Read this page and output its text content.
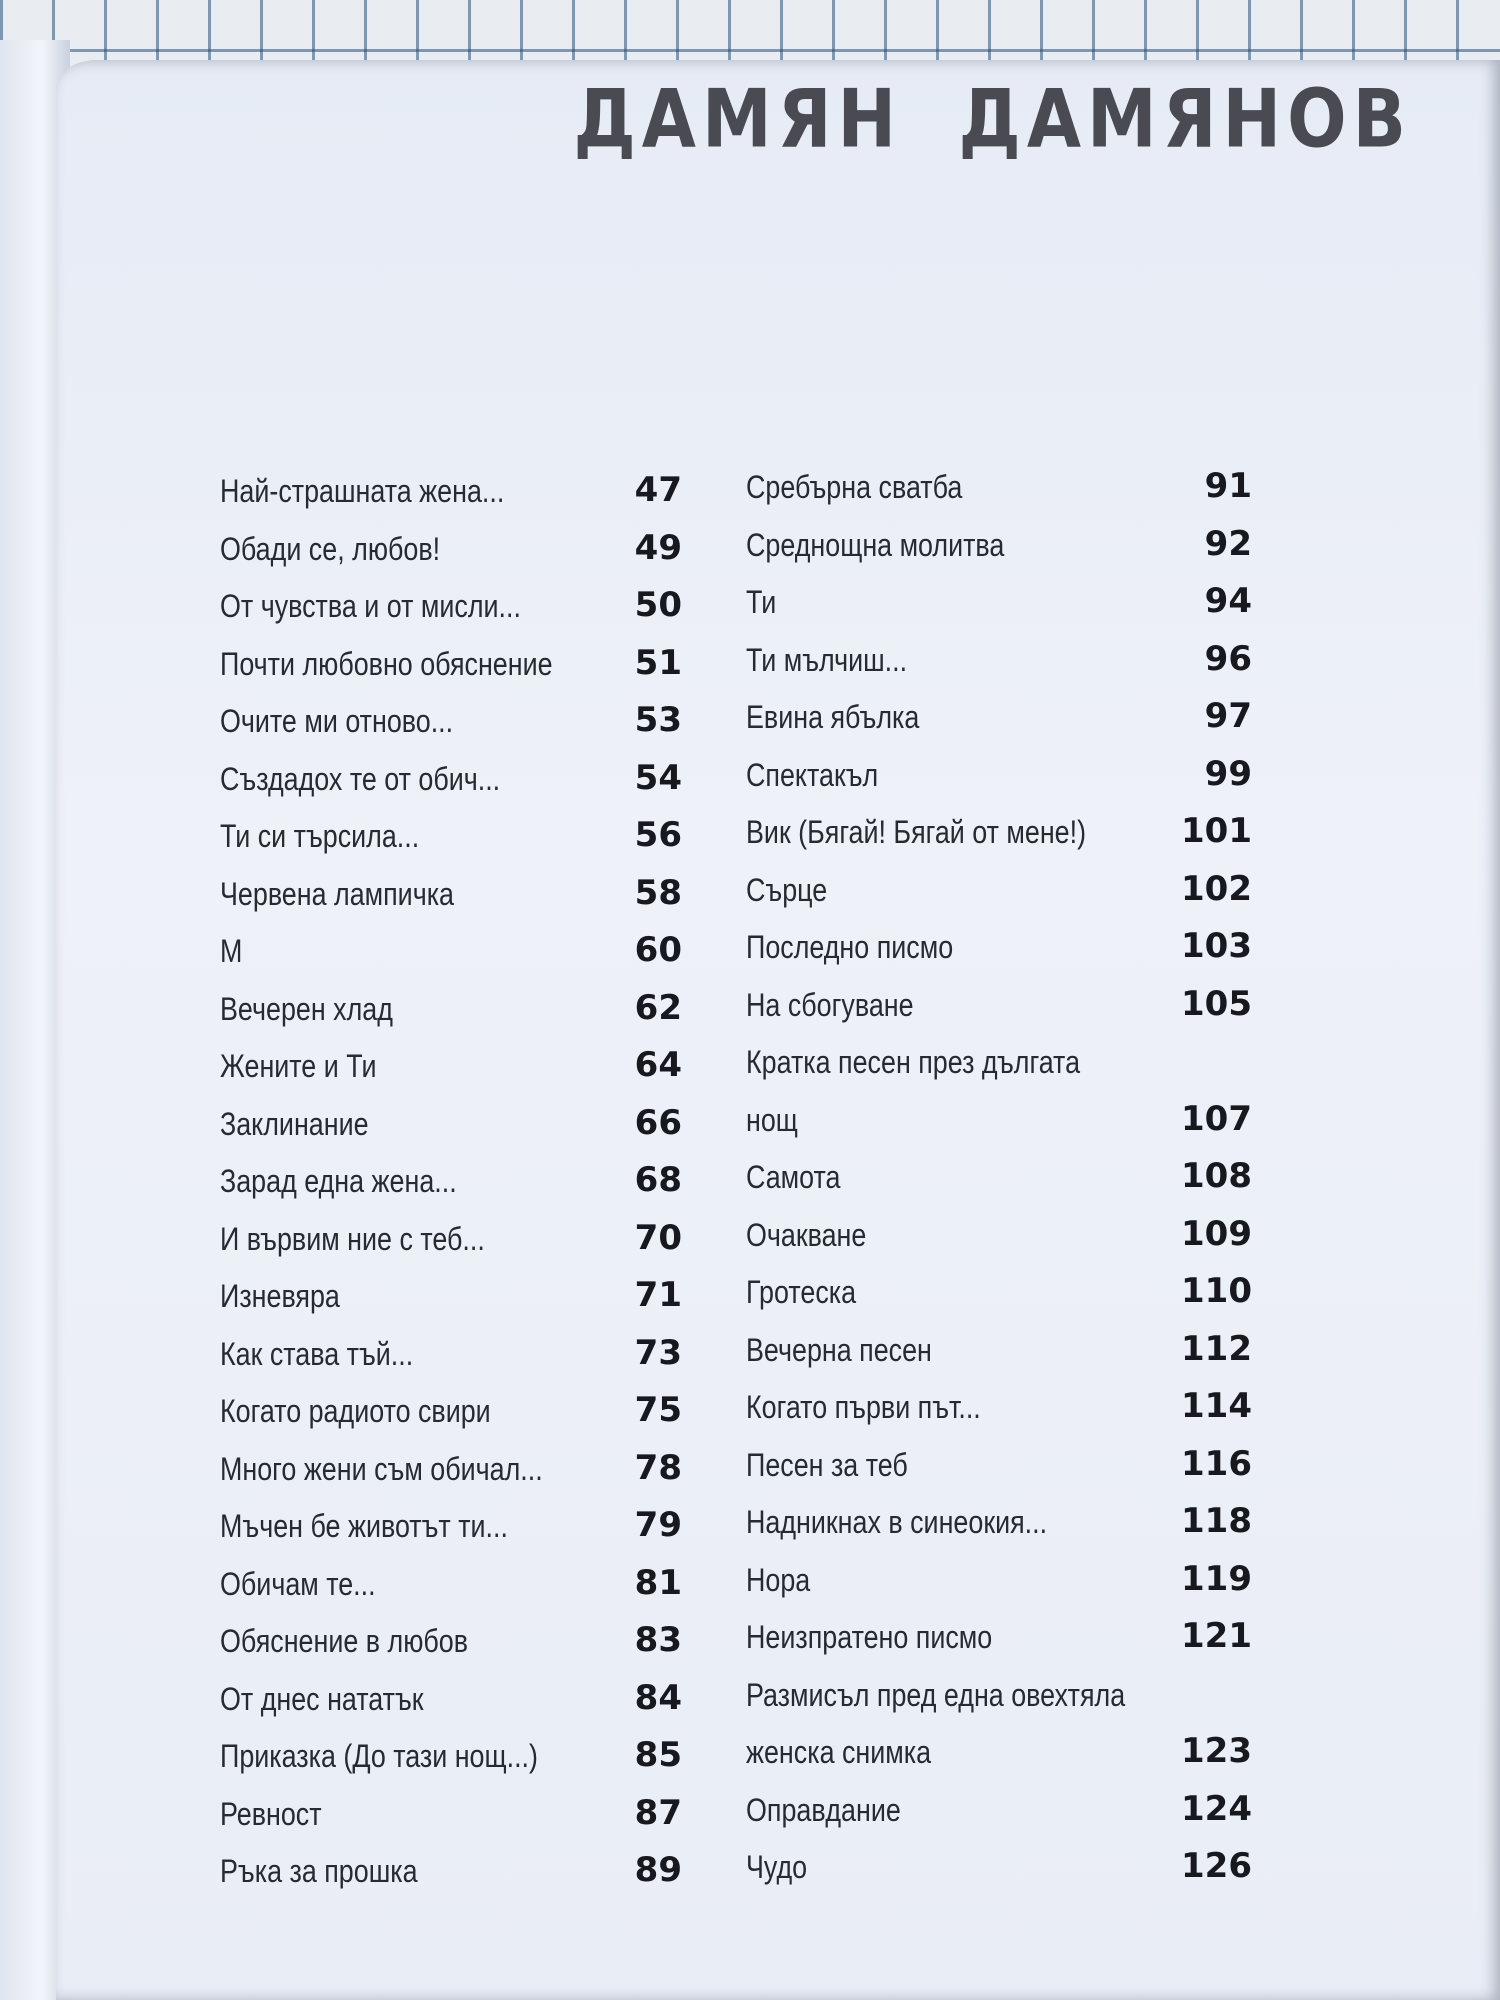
ДАМЯН ДАМЯНОВ
Най-страшната жена...	47
Обади се, любов!	49
От чувства и от мисли...	50
Почти любовно обяснение 51
Очите ми отново...	53
Създадох те от обич...	54
Ти си търсила...	56
Червена лампичка	58
М	60
Вечерен хлад	62
Жените и Ти	64
Заклинание	66
Зарад една жена...	68
И вървим ние с теб...	70
Изневяра	71
Как става тъй...	73
Когато радиото свири	75
Много жени съм обичал...	78
Мъчен бе животът ти...	79
Обичам те...	81
Обяснение в любов	83
От днес нататък	84
Приказка (До тази нощ...)	85
Ревност	87
Ръка за прошка	89
Сребърна сватба	91
Среднощна молитва	92
Ти	94
Ти мълчиш...	96
Евина ябълка	97
Спектакъл	99
Вик (Бягай! Бягай от мене!)	101
Сърце	102
Последно писмо	103
На сбогуване	105
Кратка песен през дългата
нощ	107
Самота	108
Очакване	109
Гротеска	110
Вечерна песен	112
Когато първи път...	114
Песен за теб	116
Надникнах в синеокия...	118
Нора	119
Неизпратено писмо	121
Размисъл пред една овехтяла
женска снимка	123
Оправдание	124
Чудо	126
